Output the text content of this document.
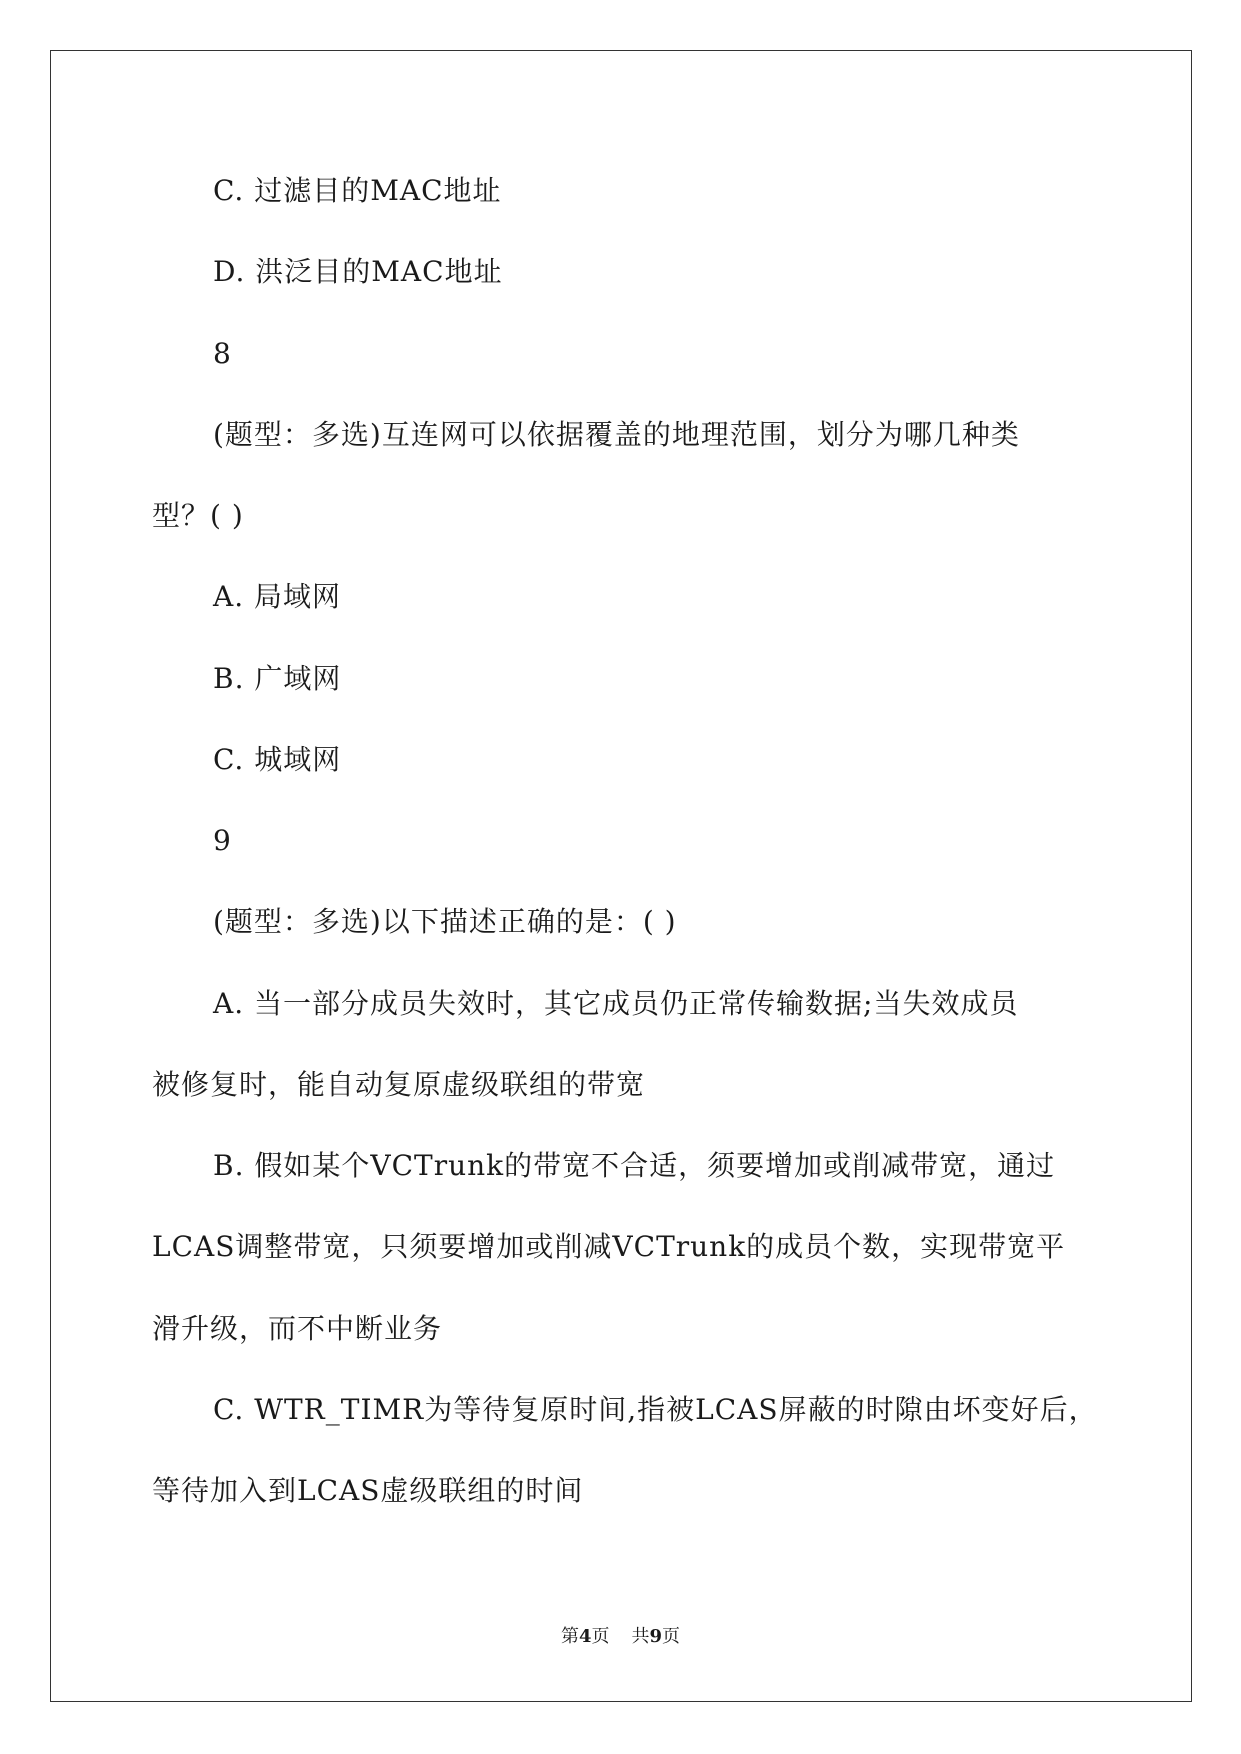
C. 过滤目的MAC地址
D. 洪泛目的MAC地址
8
(题型：多选)互连网可以依据覆盖的地理范围，划分为哪几种类
型？( )
A. 局域网
B. 广域网
C. 城域网
9
(题型：多选)以下描述正确的是：( )
A. 当一部分成员失效时，其它成员仍正常传输数据;当失效成员
被修复时，能自动复原虚级联组的带宽
B. 假如某个VCTrunk的带宽不合适，须要增加或削减带宽，通过
LCAS调整带宽，只须要增加或削减VCTrunk的成员个数，实现带宽平
滑升级，而不中断业务
C. WTR_TIMR为等待复原时间,指被LCAS屏蔽的时隙由坏变好后，
等待加入到LCAS虚级联组的时间
第4页 共9页
